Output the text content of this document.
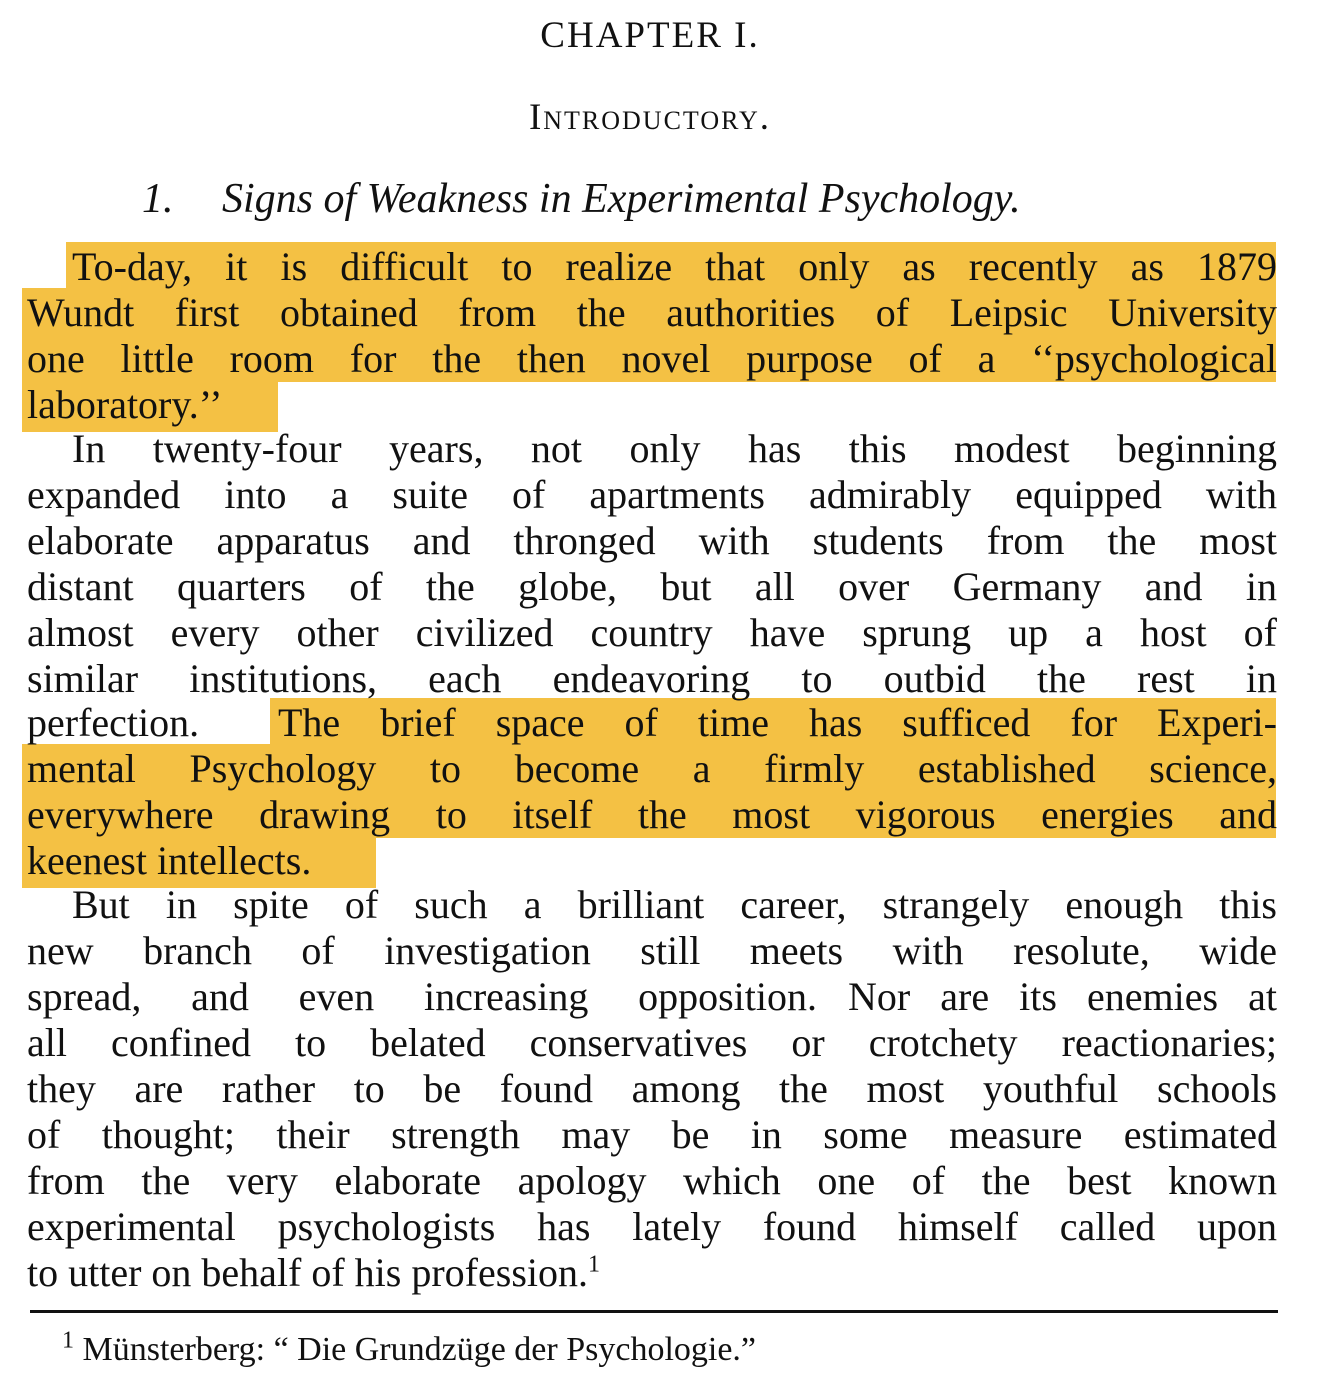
CHAPTER I.
Introductory.
1. Signs of Weakness in Experimental Psychology.
To-day, it is difficult to realize that only as recently as 1879
Wundt first obtained from the authorities of Leipsic University
one little room for the then novel purpose of a ‘‘psychological
laboratory.’’
In twenty-four years, not only has this modest beginning
expanded into a suite of apartments admirably equipped with
elaborate apparatus and thronged with students from the most
distant quarters of the globe, but all over Germany and in
almost every other civilized country have sprung up a host of
similar institutions, each endeavoring to outbid the rest in
perfection.	The brief space of time has sufficed for Experi-
mental Psychology to become a firmly established science,
everywhere drawing to itself the most vigorous energies and
keenest intellects.
But in spite of such a brilliant career, strangely enough this
new branch of investigation still meets with resolute, wide
spread, and even increasing opposition. Nor are its enemies at
all confined to belated conservatives or crotchety reactionaries;
they are rather to be found among the most youthful schools
of thought; their strength may be in some measure estimated
from the very elaborate apology which one of the best known
experimental psychologists has lately found himself called upon
to utter on behalf of his profession.$^1$
$^1$ Münsterberg: “ Die Grundzüge der Psychologie.”
